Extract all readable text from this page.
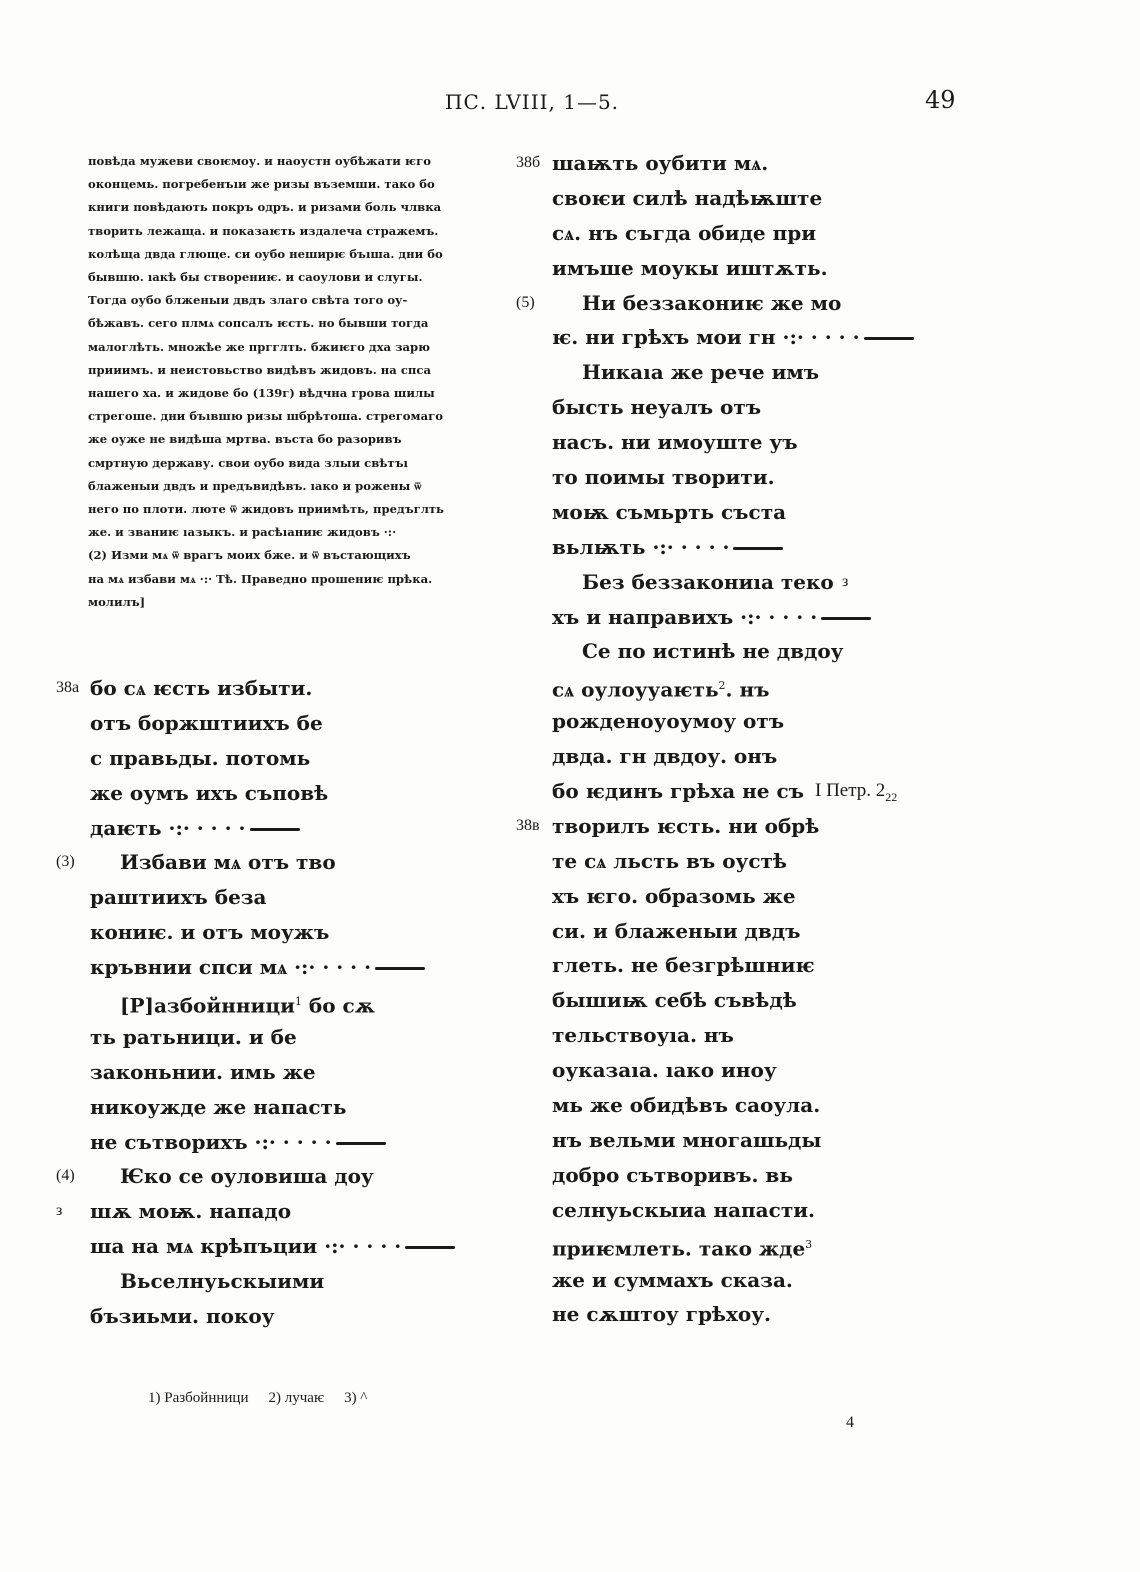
ПС. LVIII, 1—5.	49
повѣда мужеви своѥмоу. и наоустн оубѣжати ѥго
оконцемь. погребенъıи же ризы въземши. тако бо
книги повѣдають покръ одръ. и ризами боль члвка
творить лежаща. и показаѥть издалеча стражемъ.
колѣща двда глюще. си оубо неширѥ бъıша. дни бо
бывшю. ıакѣ бы створениѥ. и саоулови и слугы.
Тогда оубо блженыи двдъ злаго свѣта того оу-
бѣжавъ. сего плмѧ сопсалъ ѥсть. но бывши тогда
малоглѣть. множѣе же пргглть. бжиѥго дха зарю
прииимъ. и неистовьство видѣвъ жидовъ. на спса
нашего ха. и жидове бо (139г) вѣдчна грова шилы
стрегоше. дни бъıвшю ризы шбрѣтоша. стрегомаго
же оуже не видѣша мртва. въста бо разоривъ
смртную державу. свои оубо вида злыи свѣтъı
блаженыи двдъ и предъвидѣвъ. ıако и рожены ѿ
него по плоти. люте ѿ жидовъ приимѣть, предъглть
же. и званиѥ ıазыкъ. и расѣıаниѥ жидовъ ·:·
(2) Изми мѧ ѿ врагъ моих бже. и ѿ въстающихъ
на мѧ избави мѧ ·:· Тѣ. Праведно прошениѥ прѣка.
молилъ]
38а бо сѧ ѥсть избыти.
отъ боржштиихъ бе
с правьды. потомь
же оумъ ихъ съповѣ
даѥть ·:· · · · ·
(3) Избави мѧ отъ тво
раштиихъ беза
кониѥ. и отъ моужъ
кръвнии спси мѧ ·:· · · · ·
[Р]азбойнници$^1$ бо сѫ
ть ратьници. и бе
законьнии. имь же
никоужде же напасть
не сътворихъ ·:· · · · ·
(4) Ѥко се оуловиша доу
з шѫ моѭ. нападо
ша на мѧ крѣпъции ·:· · · · ·
Вьселнуьскыими
бъзиьми. покоу
38б шаѭть оубити мѧ.
своѥи силѣ надѣѭште
сѧ. нъ съгда обиде при
имъше моукы иштѫть.
(5) Ни беззакониѥ же мо
ѥ. ни грѣхъ мои гн ·:· · · · ·
Никаıа же рече имъ
бысть неуалъ отъ
насъ. ни имоуште уъ
то поимы творити.
моѭ съмьрть съста
вьлѭть ·:· · · · ·
Без беззакониıа теко з
хъ и направихъ ·:· · · · ·
Се по истинѣ не двдоу
сѧ оулоууаѥть$^2$. нъ
рожденоуоумоу отъ
двда. гн двдоу. онъ
бо ѥдинъ грѣха не съ
38в творилъ ѥсть. ни обрѣ
те сѧ льсть въ оустѣ
хъ ѥго. образомь же
си. и блаженыи двдъ
глеть. не безгрѣшниѥ
бышиѭ себѣ съвѣдѣ
тельствоуıа. нъ
оуказаıа. ıако иноу
мь же обидѣвъ саоула.
нъ вельми многашьды
добро сътворивъ. вь
селнуьскыиа напасти.
приѥмлеть. тако жде$^3$
же и суммахъ сказа.
не сѫштоу грѣхоу.
I Петр. $2_{22}$
1) Разбойнници 2) лучаѥ 3) ^
4
